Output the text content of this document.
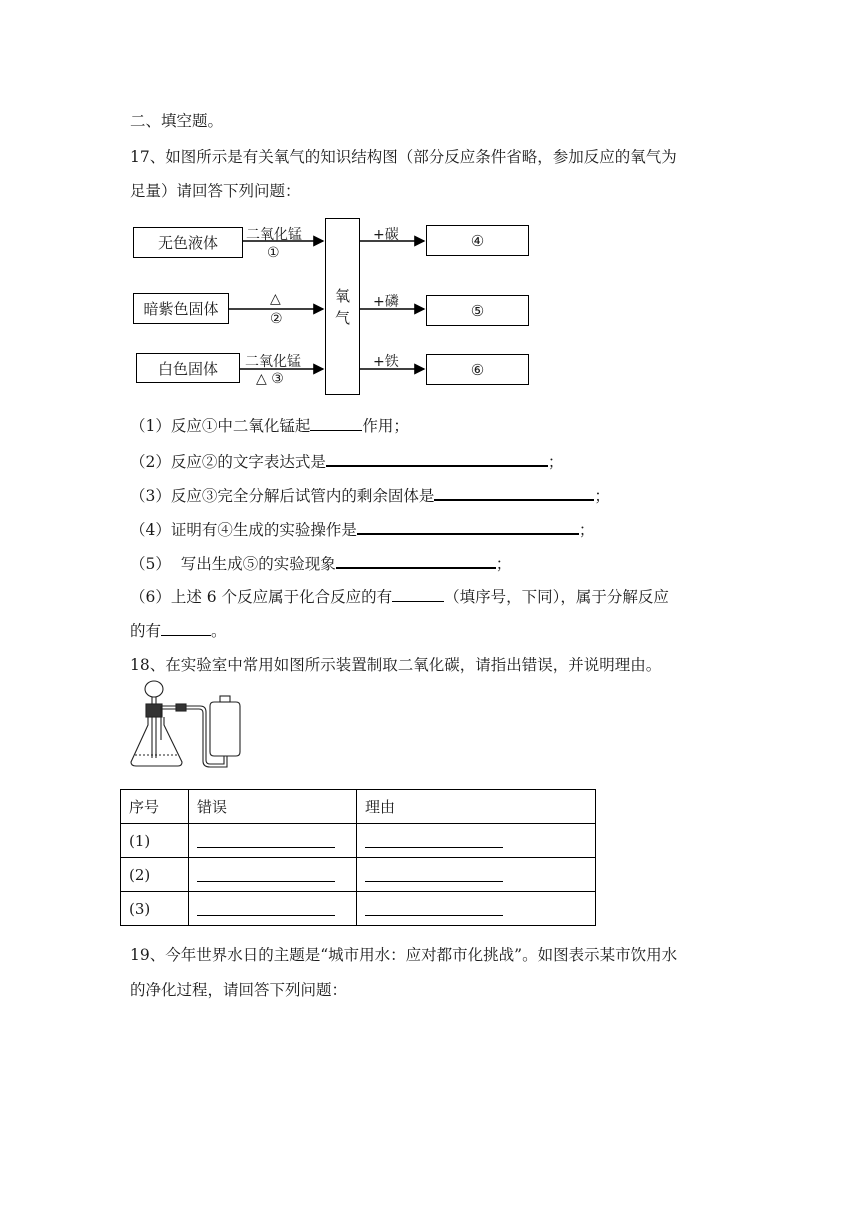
二、填空题。
17、如图所示是有关氧气的知识结构图（部分反应条件省略，参加反应的氧气为
足量）请回答下列问题：
无色液体
暗紫色固体
白色固体
二氧化锰
①
△
②
二氧化锰
△ ③
氧
气
+碳
+磷
+铁
④
⑤
⑥
（1）反应①中二氧化锰起	作用；
（2）反应②的文字表达式是	；
（3）反应③完全分解后试管内的剩余固体是	；
（4）证明有④生成的实验操作是	；
（5）  写出生成⑤的实验现象	；
（6）上述 6 个反应属于化合反应的有	（填序号，下同），属于分解反应
的有	。
18、在实验室中常用如图所示装置制取二氧化碳，请指出错误，并说明理由。
序号	错误	理由
(1)		
(2)		
(3)		
19、今年世界水日的主题是“城市用水：应对都市化挑战”。如图表示某市饮用水
的净化过程，请回答下列问题：
